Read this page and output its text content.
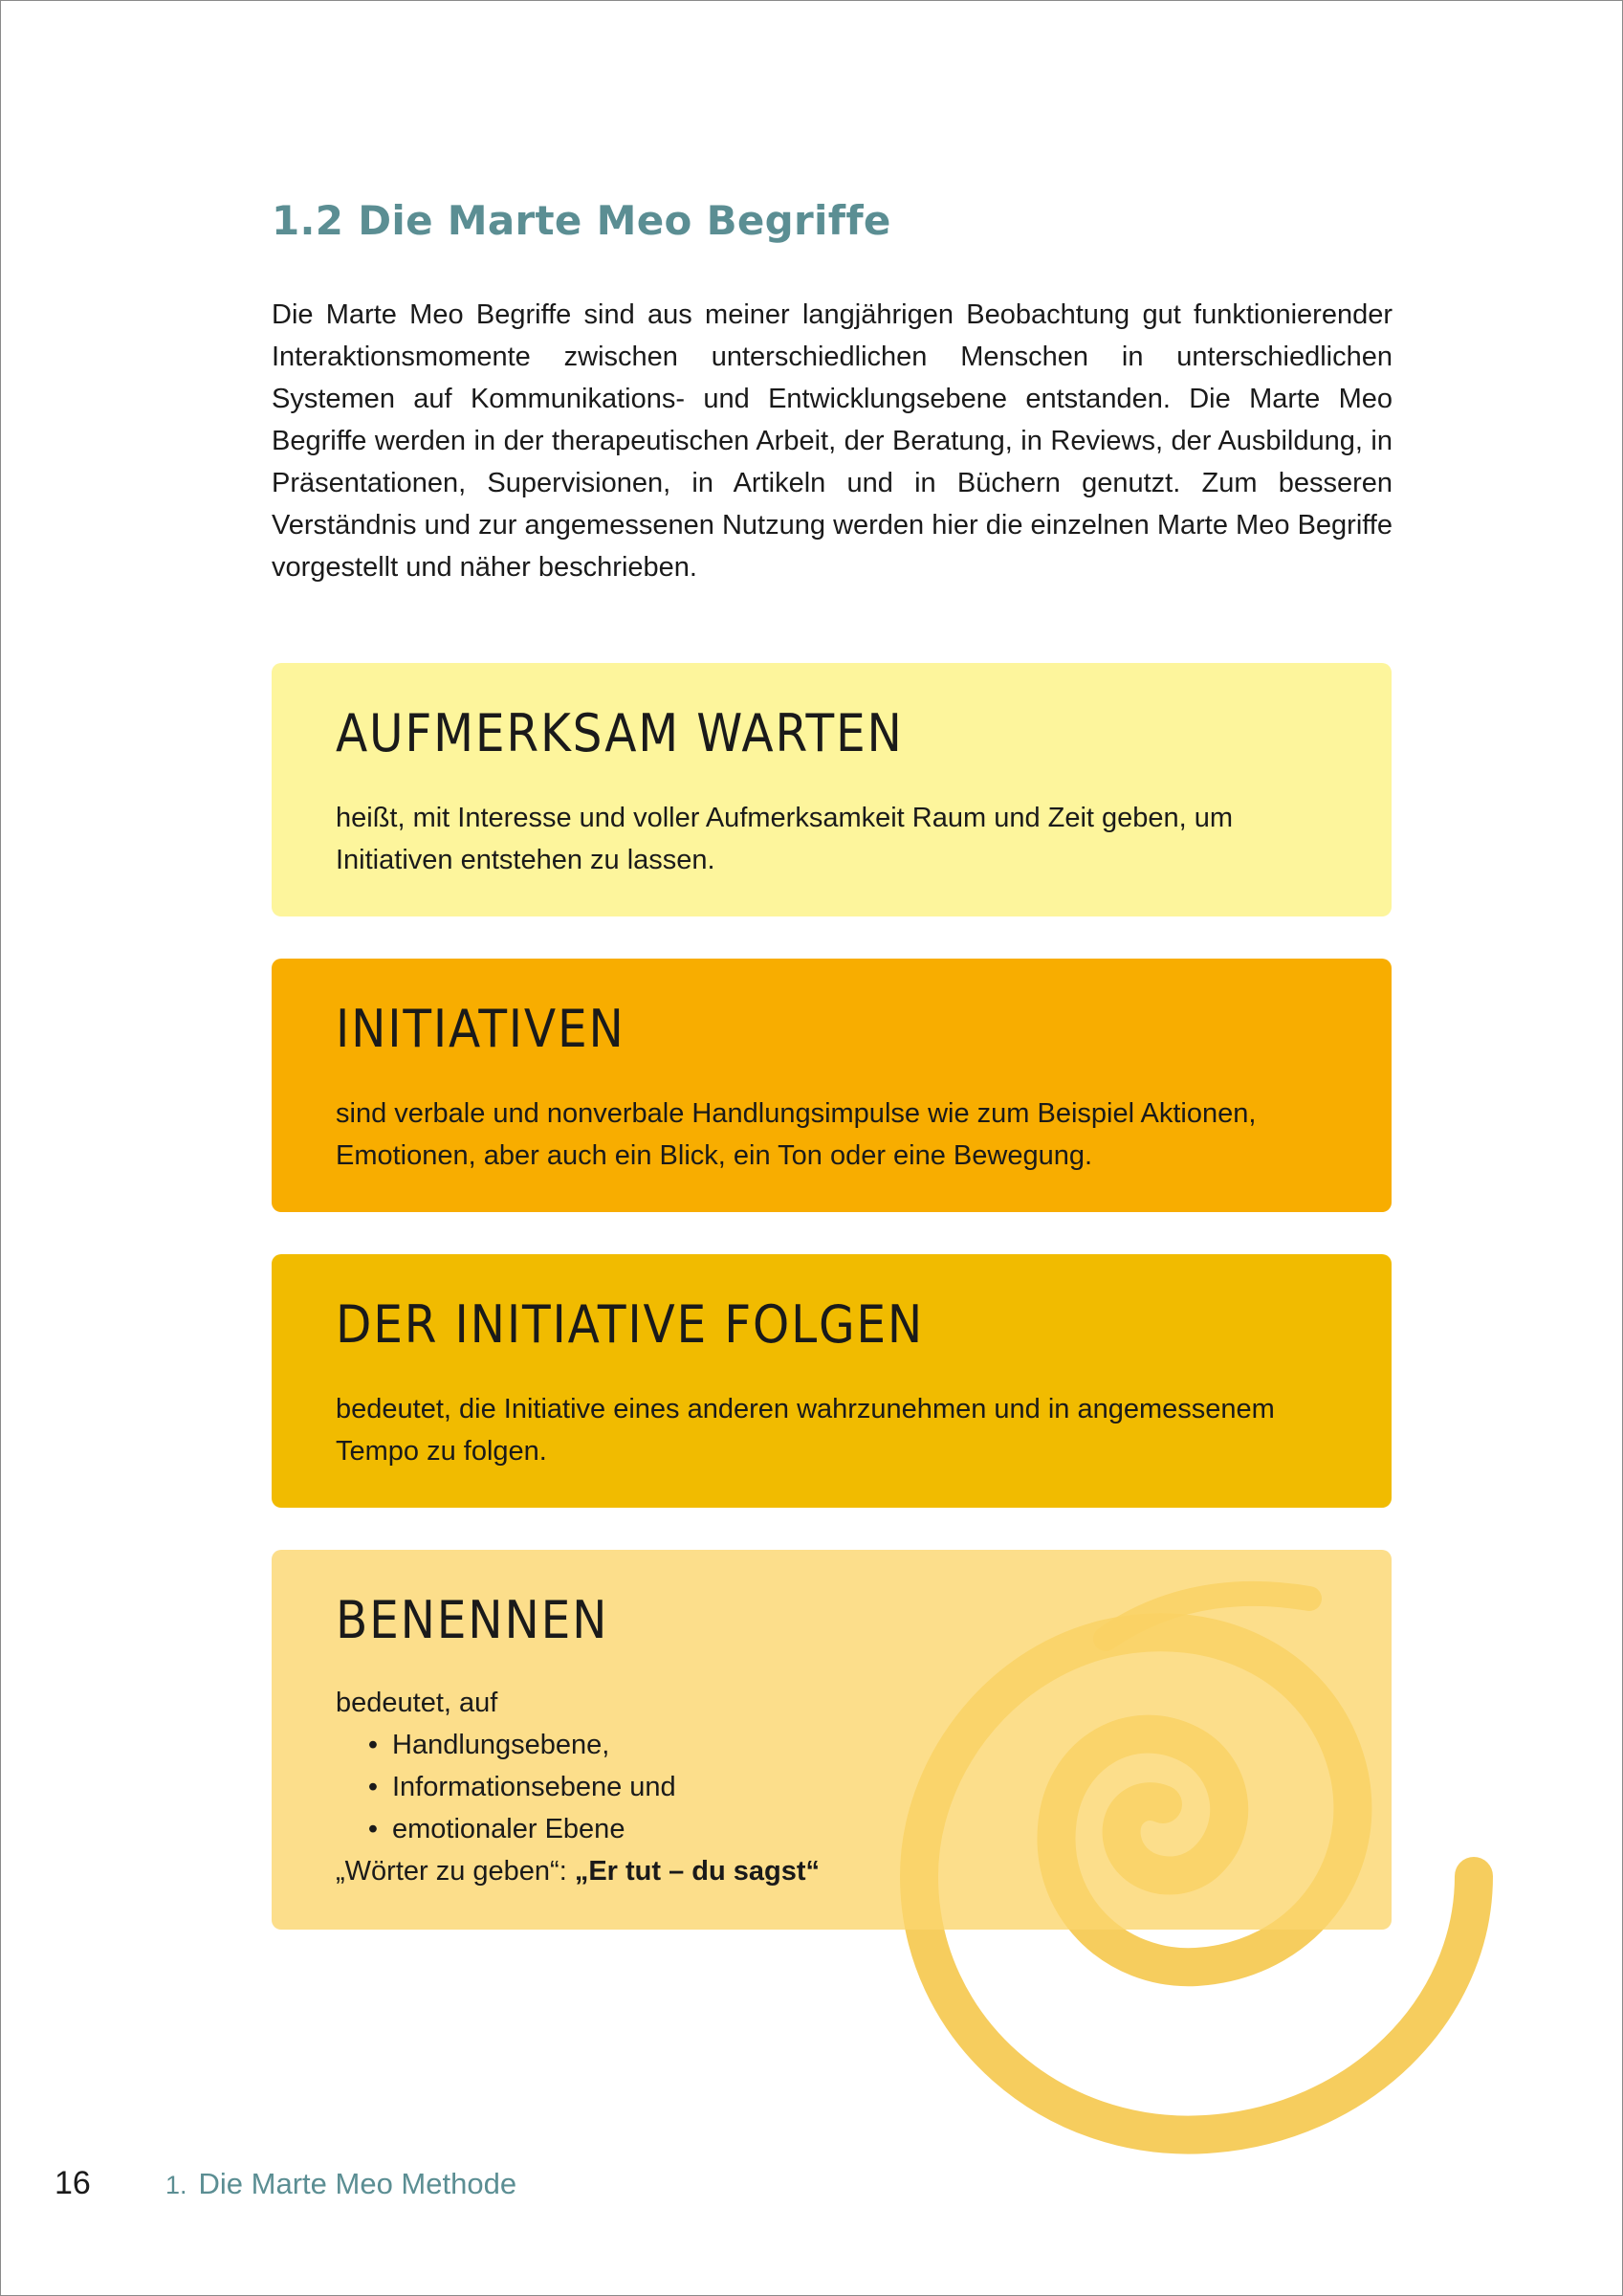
1.2 Die Marte Meo Begriffe

Die Marte Meo Begriffe sind aus meiner langjährigen Beobachtung gut funktionierender Interaktionsmomente zwischen unterschiedlichen Menschen in unterschiedlichen Systemen auf Kommunikations- und Entwicklungsebene entstanden. Die Marte Meo Begriffe werden in der therapeutischen Arbeit, der Beratung, in Reviews, der Ausbildung, in Präsentationen, Supervisionen, in Artikeln und in Büchern genutzt. Zum besseren Verständnis und zur angemessenen Nutzung werden hier die einzelnen Marte Meo Begriffe vorgestellt und näher beschrieben.

AUFMERKSAM WARTEN

heißt, mit Interesse und voller Aufmerksamkeit Raum und Zeit geben, um Initiativen entstehen zu lassen.

INITIATIVEN

sind verbale und nonverbale Handlungsimpulse wie zum Beispiel Aktionen, Emotionen, aber auch ein Blick, ein Ton oder eine Bewegung.

DER INITIATIVE FOLGEN

bedeutet, die Initiative eines anderen wahrzunehmen und in angemessenem Tempo zu folgen.

BENENNEN

bedeutet, auf

• Handlungsebene,
• Informationsebene und
• emotionaler Ebene
„Wörter zu geben“: „Er tut – du sagst“
16	1. Die Marte Meo Methode
